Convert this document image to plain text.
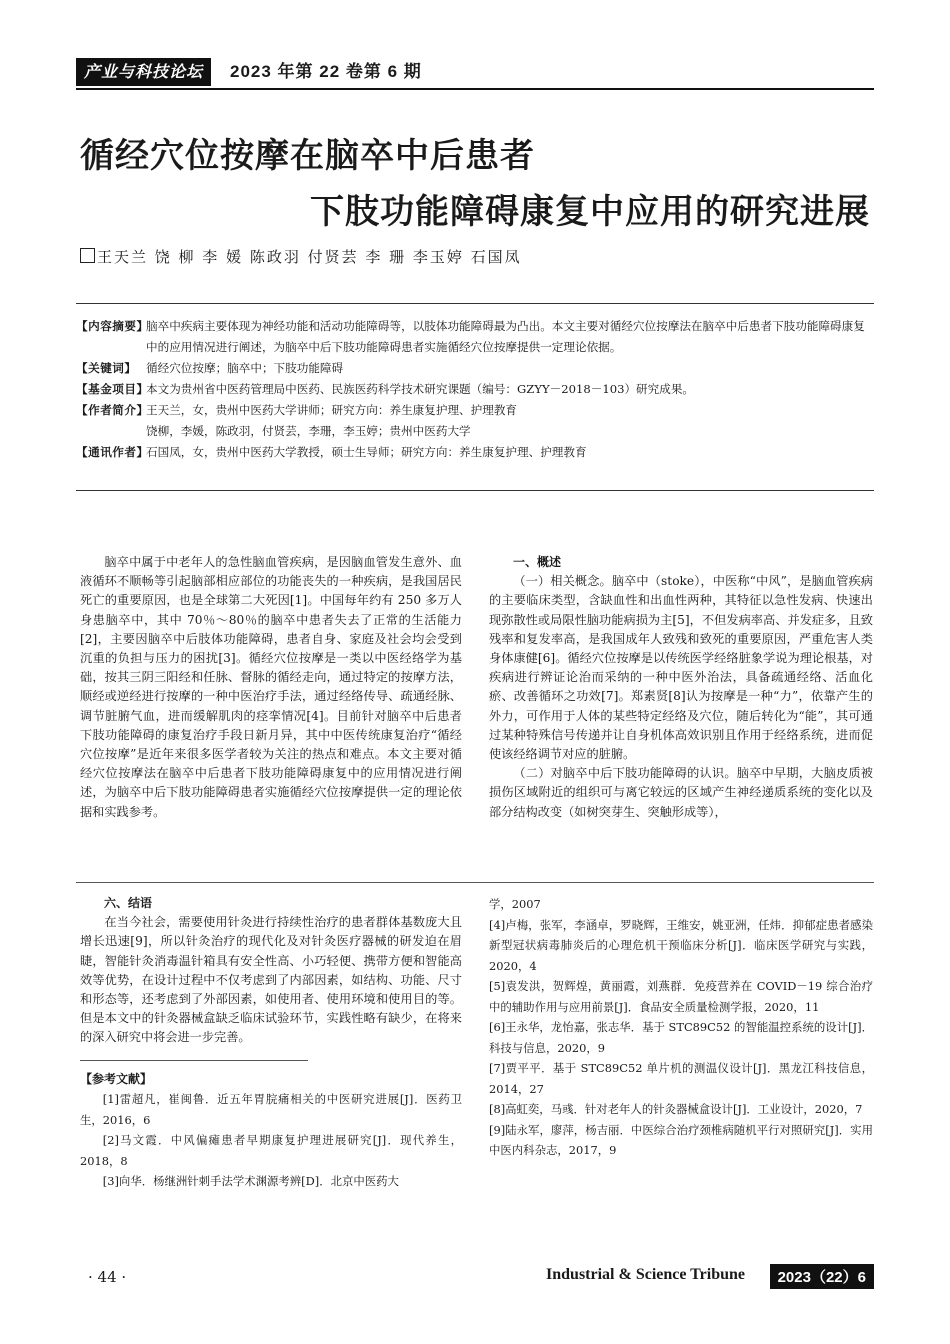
产业与科技论坛	2023 年第 22 卷第 6 期
循经穴位按摩在脑卒中后患者
下肢功能障碍康复中应用的研究进展
王天兰 饶 柳 李 媛 陈政羽 付贤芸 李 珊 李玉婷 石国凤
【内容摘要】
脑卒中疾病主要体现为神经功能和活动功能障碍等，以肢体功能障碍最为凸出。本文主要对循经穴位按摩法在脑卒中后患者下肢功能障碍康复中的应用情况进行阐述，为脑卒中后下肢功能障碍患者实施循经穴位按摩提供一定理论依据。
【关键词】 循经穴位按摩；脑卒中；下肢功能障碍
【基金项目】
本文为贵州省中医药管理局中医药、民族医药科学技术研究课题（编号：GZYY－2018－103）研究成果。
【作者简介】
王天兰，女，贵州中医药大学讲师；研究方向：养生康复护理、护理教育
饶柳，李媛，陈政羽，付贤芸，李珊，李玉婷；贵州中医药大学
【通讯作者】
石国凤，女，贵州中医药大学教授，硕士生导师；研究方向：养生康复护理、护理教育

脑卒中属于中老年人的急性脑血管疾病，是因脑血管发生意外、血液循环不顺畅等引起脑部相应部位的功能丧失的一种疾病，是我国居民死亡的重要原因，也是全球第二大死因[1]。中国每年约有 250 多万人身患脑卒中，其中 70％～80％的脑卒中患者失去了正常的生活能力[2]，主要因脑卒中后肢体功能障碍，患者自身、家庭及社会均会受到沉重的负担与压力的困扰[3]。循经穴位按摩是一类以中医经络学为基础，按其三阴三阳经和任脉、督脉的循经走向，通过特定的按摩方法，顺经或逆经进行按摩的一种中医治疗手法，通过经络传导、疏通经脉、调节脏腑气血，进而缓解肌肉的痉挛情况[4]。目前针对脑卒中后患者下肢功能障碍的康复治疗手段日新月异，其中中医传统康复治疗“循经穴位按摩”是近年来很多医学者较为关注的热点和难点。本文主要对循经穴位按摩法在脑卒中后患者下肢功能障碍康复中的应用情况进行阐述，为脑卒中后下肢功能障碍患者实施循经穴位按摩提供一定的理论依据和实践参考。

一、概述

（一）相关概念。脑卒中（stoke），中医称“中风”，是脑血管疾病的主要临床类型，含缺血性和出血性两种，其特征以急性发病、快速出现弥散性或局限性脑功能病损为主[5]，不但发病率高、并发症多，且致残率和复发率高，是我国成年人致残和致死的重要原因，严重危害人类身体康健[6]。循经穴位按摩是以传统医学经络脏象学说为理论根基，对疾病进行辨证论治而采纳的一种中医外治法，具备疏通经络、活血化瘀、改善循环之功效[7]。郑素贤[8]认为按摩是一种“力”，依靠产生的外力，可作用于人体的某些特定经络及穴位，随后转化为“能”，其可通过某种特殊信号传递并让自身机体高效识别且作用于经络系统，进而促使该经络调节对应的脏腑。

（二）对脑卒中后下肢功能障碍的认识。脑卒中早期，大脑皮质被损伤区域附近的组织可与离它较远的区域产生神经递质系统的变化以及部分结构改变（如树突芽生、突触形成等），

六、结语

在当今社会，需要使用针灸进行持续性治疗的患者群体基数庞大且增长迅速[9]，所以针灸治疗的现代化及对针灸医疗器械的研发迫在眉睫，智能针灸消毒温针箱具有安全性高、小巧轻便、携带方便和智能高效等优势，在设计过程中不仅考虑到了内部因素，如结构、功能、尺寸和形态等，还考虑到了外部因素，如使用者、使用环境和使用目的等。但是本文中的针灸器械盒缺乏临床试验环节，实践性略有缺少，在将来的深入研究中将会进一步完善。

【参考文献】

[1]雷超凡，崔闽鲁．近五年胃脘痛相关的中医研究进展[J]．医药卫生，2016，6

[2]马文霞．中风偏瘫患者早期康复护理进展研究[J]．现代养生，2018，8

[3]向华．杨继洲针刺手法学术渊源考辨[D]．北京中医药大

学，2007

[4]卢梅，张军，李涵卓，罗晓辉，王维安，姚亚洲，任炜．抑郁症患者感染新型冠状病毒肺炎后的心理危机干预临床分析[J]．临床医学研究与实践，2020，4

[5]袁发洪，贺辉煌，黄丽霞，刘燕群．免疫营养在 COVID－19 综合治疗中的辅助作用与应用前景[J]．食品安全质量检测学报，2020，11

[6]王永华，龙怡嘉，张志华．基于 STC89C52 的智能温控系统的设计[J]．科技与信息，2020，9

[7]贾平平．基于 STC89C52 单片机的测温仪设计[J]．黑龙江科技信息，2014，27

[8]高虹奕，马彧．针对老年人的针灸器械盒设计[J]．工业设计，2020，7

[9]陆永军，廖萍，杨吉丽．中医综合治疗颈椎病随机平行对照研究[J]．实用中医内科杂志，2017，9

· 44 ·	Industrial & Science Tribune	2023（22）6
